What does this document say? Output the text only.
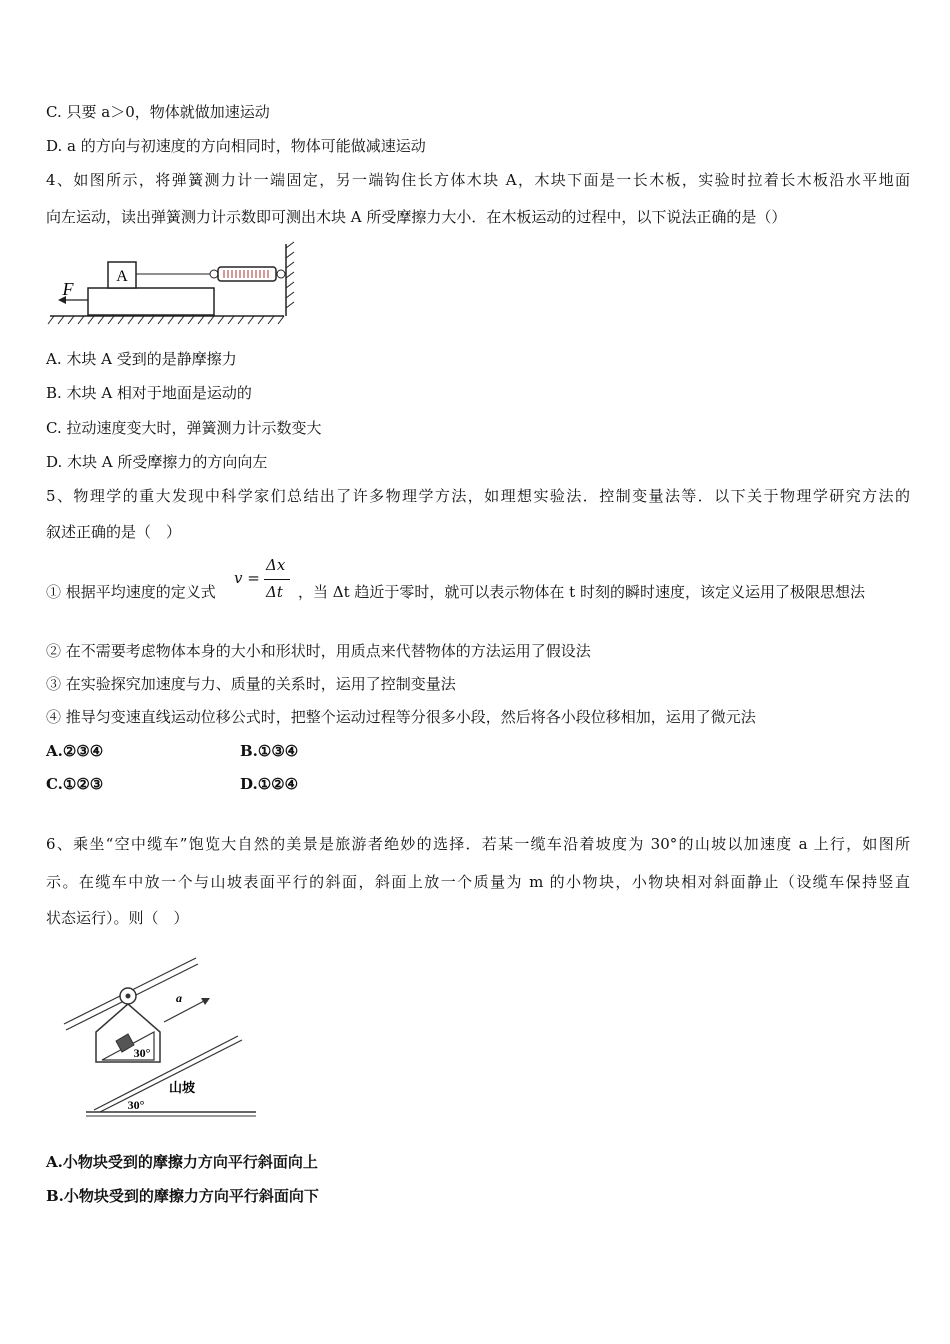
C. 只要 a＞0，物体就做加速运动
D. a 的方向与初速度的方向相同时，物体可能做减速运动
4、如图所示，将弹簧测力计一端固定，另一端钩住长方体木块 A，木块下面是一长木板，实验时拉着长木板沿水平地面
向左运动，读出弹簧测力计示数即可测出木块 A 所受摩擦力大小．在木板运动的过程中，以下说法正确的是（）
A
F
A. 木块 A 受到的是静摩擦力
B. 木块 A 相对于地面是运动的
C. 拉动速度变大时，弹簧测力计示数变大
D. 木块 A 所受摩擦力的方向向左
5、物理学的重大发现中科学家们总结出了许多物理学方法，如理想实验法．控制变量法等．以下关于物理学研究方法的
叙述正确的是（　）
① 根据平均速度的定义式
v =
Δx
Δt ，当 Δt 趋近于零时，就可以表示物体在 t 时刻的瞬时速度，该定义运用了极限思想法
② 在不需要考虑物体本身的大小和形状时，用质点来代替物体的方法运用了假设法
③ 在实验探究加速度与力、质量的关系时，运用了控制变量法
④ 推导匀变速直线运动位移公式时，把整个运动过程等分很多小段，然后将各小段位移相加，运用了微元法
A.②③④	B.①③④
C.①②③	D.①②④
6、乘坐“空中缆车”饱览大自然的美景是旅游者绝妙的选择．若某一缆车沿着坡度为 30°的山坡以加速度 a 上行，如图所
示。在缆车中放一个与山坡表面平行的斜面，斜面上放一个质量为 m 的小物块，小物块相对斜面静止（设缆车保持竖直
状态运行）。则（　）
30°
a
30°
山坡
A.小物块受到的摩擦力方向平行斜面向上
B.小物块受到的摩擦力方向平行斜面向下
